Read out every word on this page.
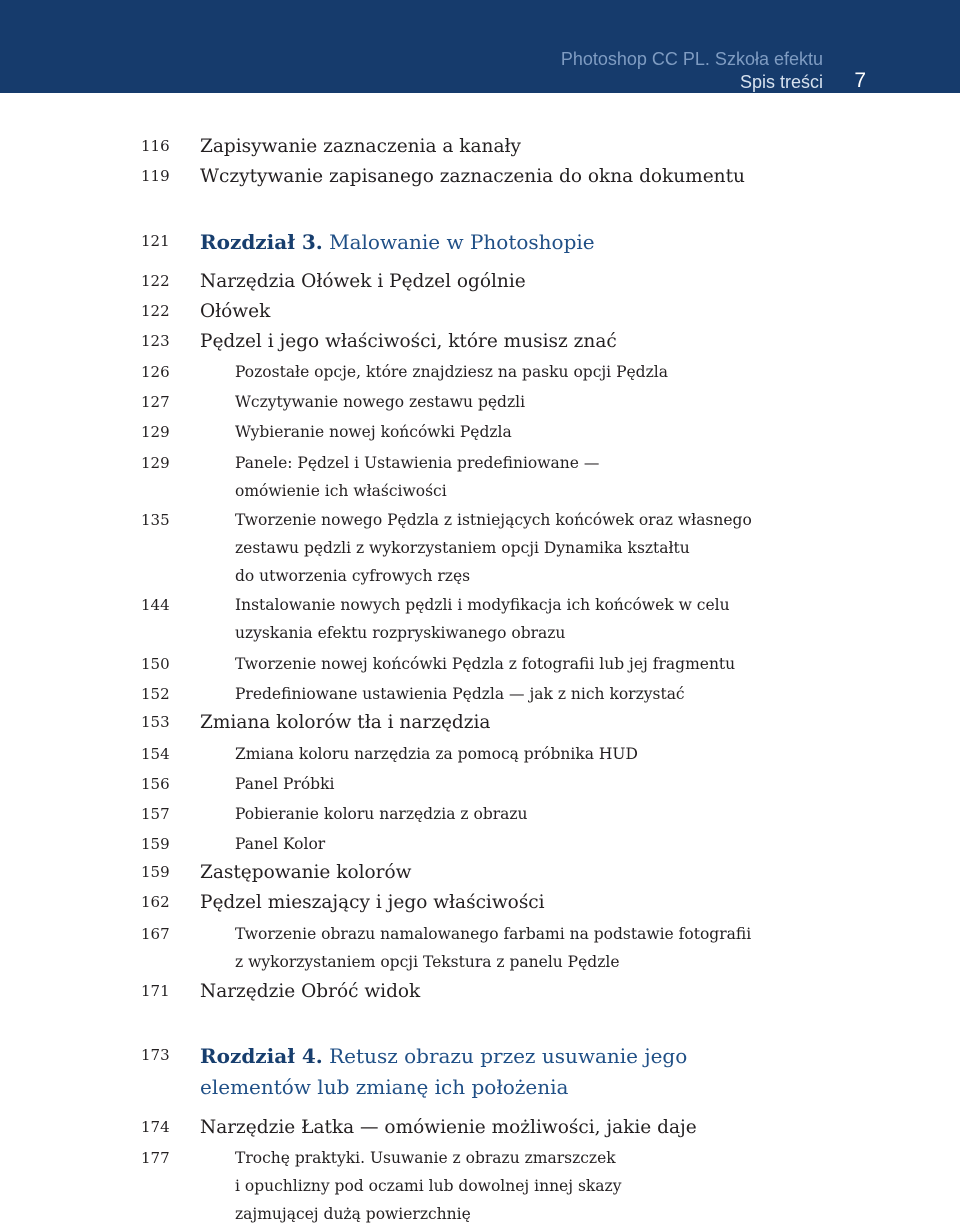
Photoshop CC PL. Szkoła efektu
Spis treści 7
116 Zapisywanie zaznaczenia a kanały
119 Wczytywanie zapisanego zaznaczenia do okna dokumentu
121 Rozdział 3. Malowanie w Photoshopie
122 Narzędzia Ołówek i Pędzel ogólnie
122 Ołówek
123 Pędzel i jego właściwości, które musisz znać
126	Pozostałe opcje, które znajdziesz na pasku opcji Pędzla
127	Wczytywanie nowego zestawu pędzli
129	Wybieranie nowej końcówki Pędzla
129	Panele: Pędzel i Ustawienia predefiniowane —
omówienie ich właściwości
135	Tworzenie nowego Pędzla z istniejących końcówek oraz własnego
zestawu pędzli z wykorzystaniem opcji Dynamika kształtu
do utworzenia cyfrowych rzęs
144	Instalowanie nowych pędzli i modyfikacja ich końcówek w celu
uzyskania efektu rozpryskiwanego obrazu
150	Tworzenie nowej końcówki Pędzla z fotografii lub jej fragmentu
152	Predefiniowane ustawienia Pędzla — jak z nich korzystać
153 Zmiana kolorów tła i narzędzia
154	Zmiana koloru narzędzia za pomocą próbnika HUD
156	Panel Próbki
157	Pobieranie koloru narzędzia z obrazu
159	Panel Kolor
159 Zastępowanie kolorów
162 Pędzel mieszający i jego właściwości
167	Tworzenie obrazu namalowanego farbami na podstawie fotografii
z wykorzystaniem opcji Tekstura z panelu Pędzle
171 Narzędzie Obróć widok
173 Rozdział 4. Retusz obrazu przez usuwanie jego
elementów lub zmianę ich położenia
174 Narzędzie Łatka — omówienie możliwości, jakie daje
177	Trochę praktyki. Usuwanie z obrazu zmarszczek
i opuchlizny pod oczami lub dowolnej innej skazy
zajmującej dużą powierzchnię
